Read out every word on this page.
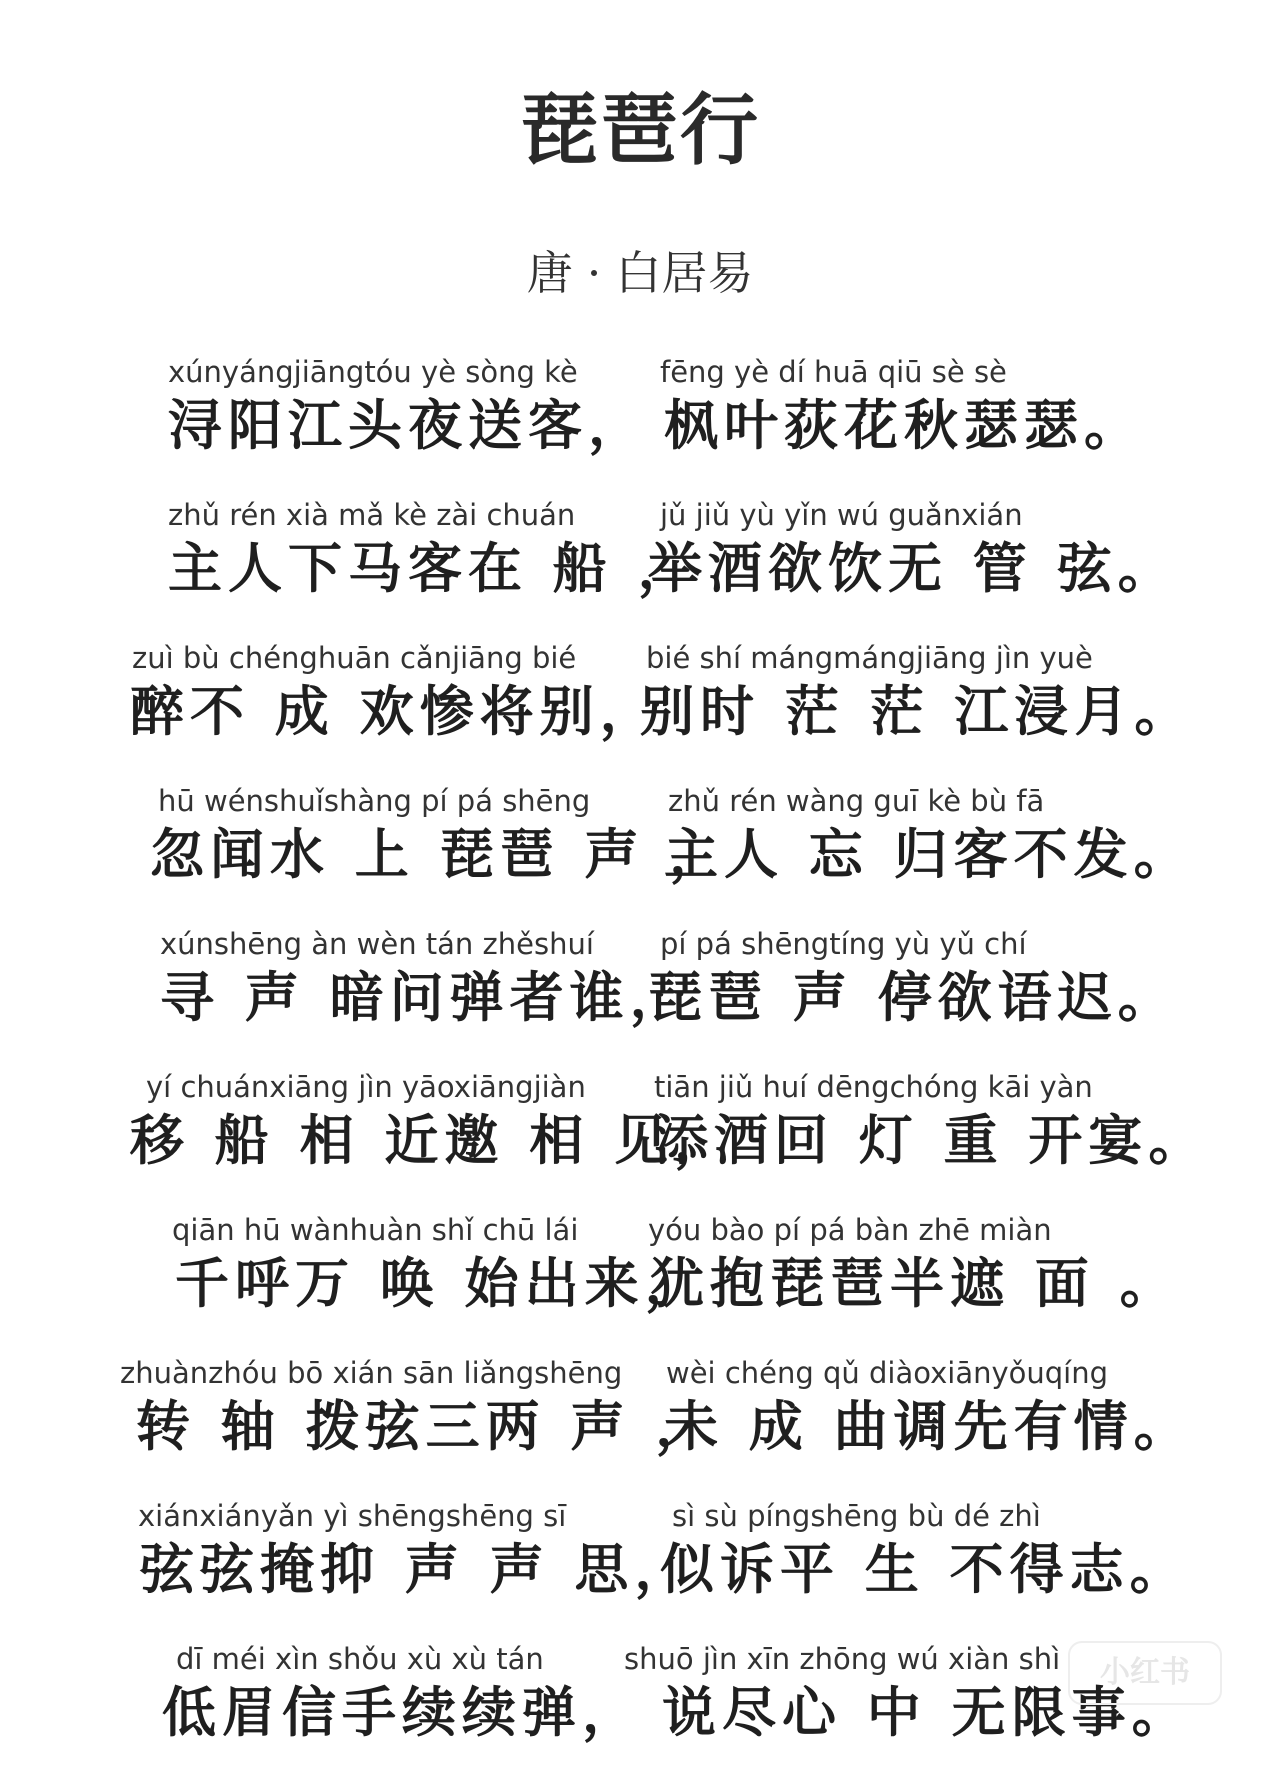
琵琶行
唐 · 白居易
xúnyángjiāngtóu yè sòng kè
浔阳江头夜送客，
fēng yè dí huā qiū sè sè
枫叶荻花秋瑟瑟。
zhǔ rén xià mǎ kè zài chuán
主人下马客在 船 ，
jǔ jiǔ yù yǐn wú guǎnxián
举酒欲饮无 管 弦。
zuì bù chénghuān cǎnjiāng bié
醉不 成 欢惨将别，
bié shí mángmángjiāng jìn yuè
别时 茫 茫 江浸月。
hū wénshuǐshàng pí pá shēng
忽闻水 上 琵琶 声 ，
zhǔ rén wàng guī kè bù fā
主人 忘 归客不发。
xúnshēng àn wèn tán zhěshuí
寻 声 暗问弹者谁，
pí pá shēngtíng yù yǔ chí
琵琶 声 停欲语迟。
yí chuánxiāng jìn yāoxiāngjiàn
移 船 相 近邀 相 见，
tiān jiǔ huí dēngchóng kāi yàn
添酒回 灯 重 开宴。
qiān hū wànhuàn shǐ chū lái
千呼万 唤 始出来，
yóu bào pí pá bàn zhē miàn
犹抱琵琶半遮 面 。
zhuànzhóu bō xián sān liǎngshēng
转 轴 拨弦三两 声 ，
wèi chéng qǔ diàoxiānyǒuqíng
未 成 曲调先有情。
xiánxiányǎn yì shēngshēng sī
弦弦掩抑 声 声 思，
sì sù píngshēng bù dé zhì
似诉平 生 不得志。
dī méi xìn shǒu xù xù tán
低眉信手续续弹，
shuō jìn xīn zhōng wú xiàn shì
说尽心 中 无限事。
小红书
